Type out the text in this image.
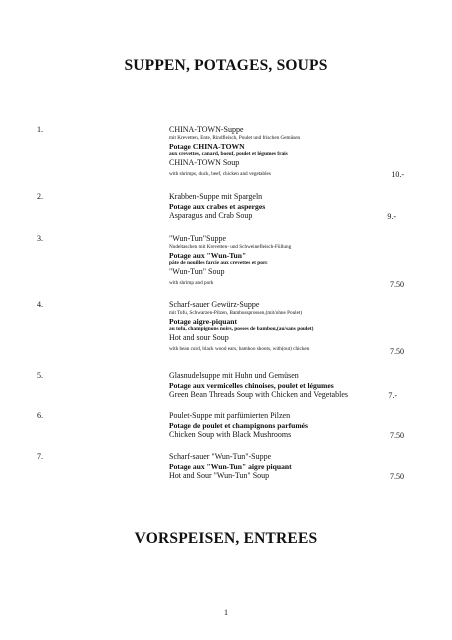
SUPPEN, POTAGES, SOUPS
1.	CHINA-TOWN-Suppe
mit Krevetten, Ente, Rindfleisch, Poulet und frischen Gemüsen
Potage CHINA-TOWN
aux crevettes, canard, boeuf, poulet et légumes frais
CHINA-TOWN Soup
with shrimps, duck, beef, chicken and vegetables	10.-
2.	Krabben-Suppe mit Spargeln
Potage aux crabes et asperges
Asparagus and Crab Soup	9.-
3.	"Wun-Tun"Suppe
Nudeltaschen mit Krevetten- und Schweinefleisch-Füllung
Potage aux "Wun-Tun"
pâte de nouilles farcie aux crevettes et porc
"Wun-Tun" Soup
with shrimp and pork	7.50
4.	Scharf-sauer Gewürz-Suppe
mit Tofu, Schwarzen-Pilzen, Bambussprossen,(mit/ohne Poulet)
Potage aigre-piquant
au tofu, champignons noirs, posses de bambou,(au/sans poulet)
Hot and sour Soup
with bean curd, black wood ears, bamboo shoots, with(out) chicken	7.50
5.	Glasnudelsuppe mit Huhn und Gemüsen
Potage aux vermicelles chinoises, poulet et légumes
Green Bean Threads Soup with Chicken and Vegetables	7.-
6.	Poulet-Suppe mit parfümierten Pilzen
Potage de poulet et champignons parfumés
Chicken Soup with Black Mushrooms	7.50
7.	Scharf-sauer "Wun-Tun"-Suppe
Potage aux "Wun-Tun" aigre piquant
Hot and Sour "Wun-Tun" Soup	7.50
VORSPEISEN, ENTREES
1
